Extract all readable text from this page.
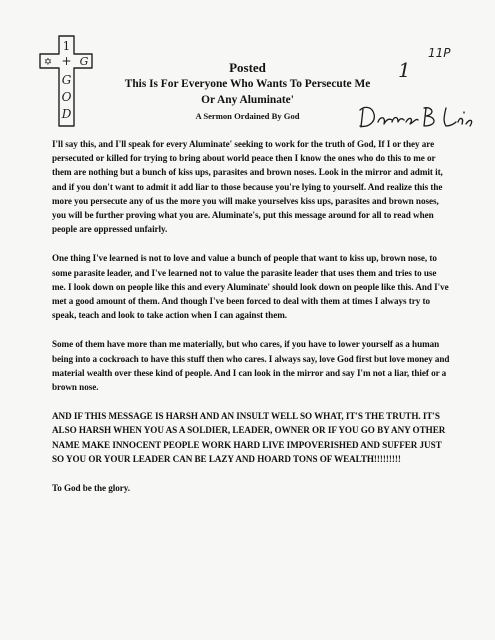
1
✡ + G
G
O
D
1
11P
Posted
This Is For Everyone Who Wants To Persecute Me Or Any Aluminate'
A Sermon Ordained By God

I'll say this, and I'll speak for every Aluminate' seeking to work for the truth of God, If I or they are persecuted or killed for trying to bring about world peace then I know the ones who do this to me or them are nothing but a bunch of kiss ups, parasites and brown noses. Look in the mirror and admit it, and if you don't want to admit it add liar to those because you're lying to yourself. And realize this the more you persecute any of us the more you will make yourselves kiss ups, parasites and brown noses, you will be further proving what you are. Aluminate's, put this message around for all to read when people are oppressed unfairly.

One thing I've learned is not to love and value a bunch of people that want to kiss up, brown nose, to some parasite leader, and I've learned not to value the parasite leader that uses them and tries to use me. I look down on people like this and every Aluminate' should look down on people like this. And I've met a good amount of them. And though I've been forced to deal with them at times I always try to speak, teach and look to take action when I can against them.

Some of them have more than me materially, but who cares, if you have to lower yourself as a human being into a cockroach to have this stuff then who cares. I always say, love God first but love money and material wealth over these kind of people. And I can look in the mirror and say I'm not a liar, thief or a brown nose.

AND IF THIS MESSAGE IS HARSH AND AN INSULT WELL SO WHAT, IT'S THE TRUTH. IT'S ALSO HARSH WHEN YOU AS A SOLDIER, LEADER, OWNER OR IF YOU GO BY ANY OTHER NAME MAKE INNOCENT PEOPLE WORK HARD LIVE IMPOVERISHED AND SUFFER JUST SO YOU OR YOUR LEADER CAN BE LAZY AND HOARD TONS OF WEALTH!!!!!!!!!

To God be the glory.
